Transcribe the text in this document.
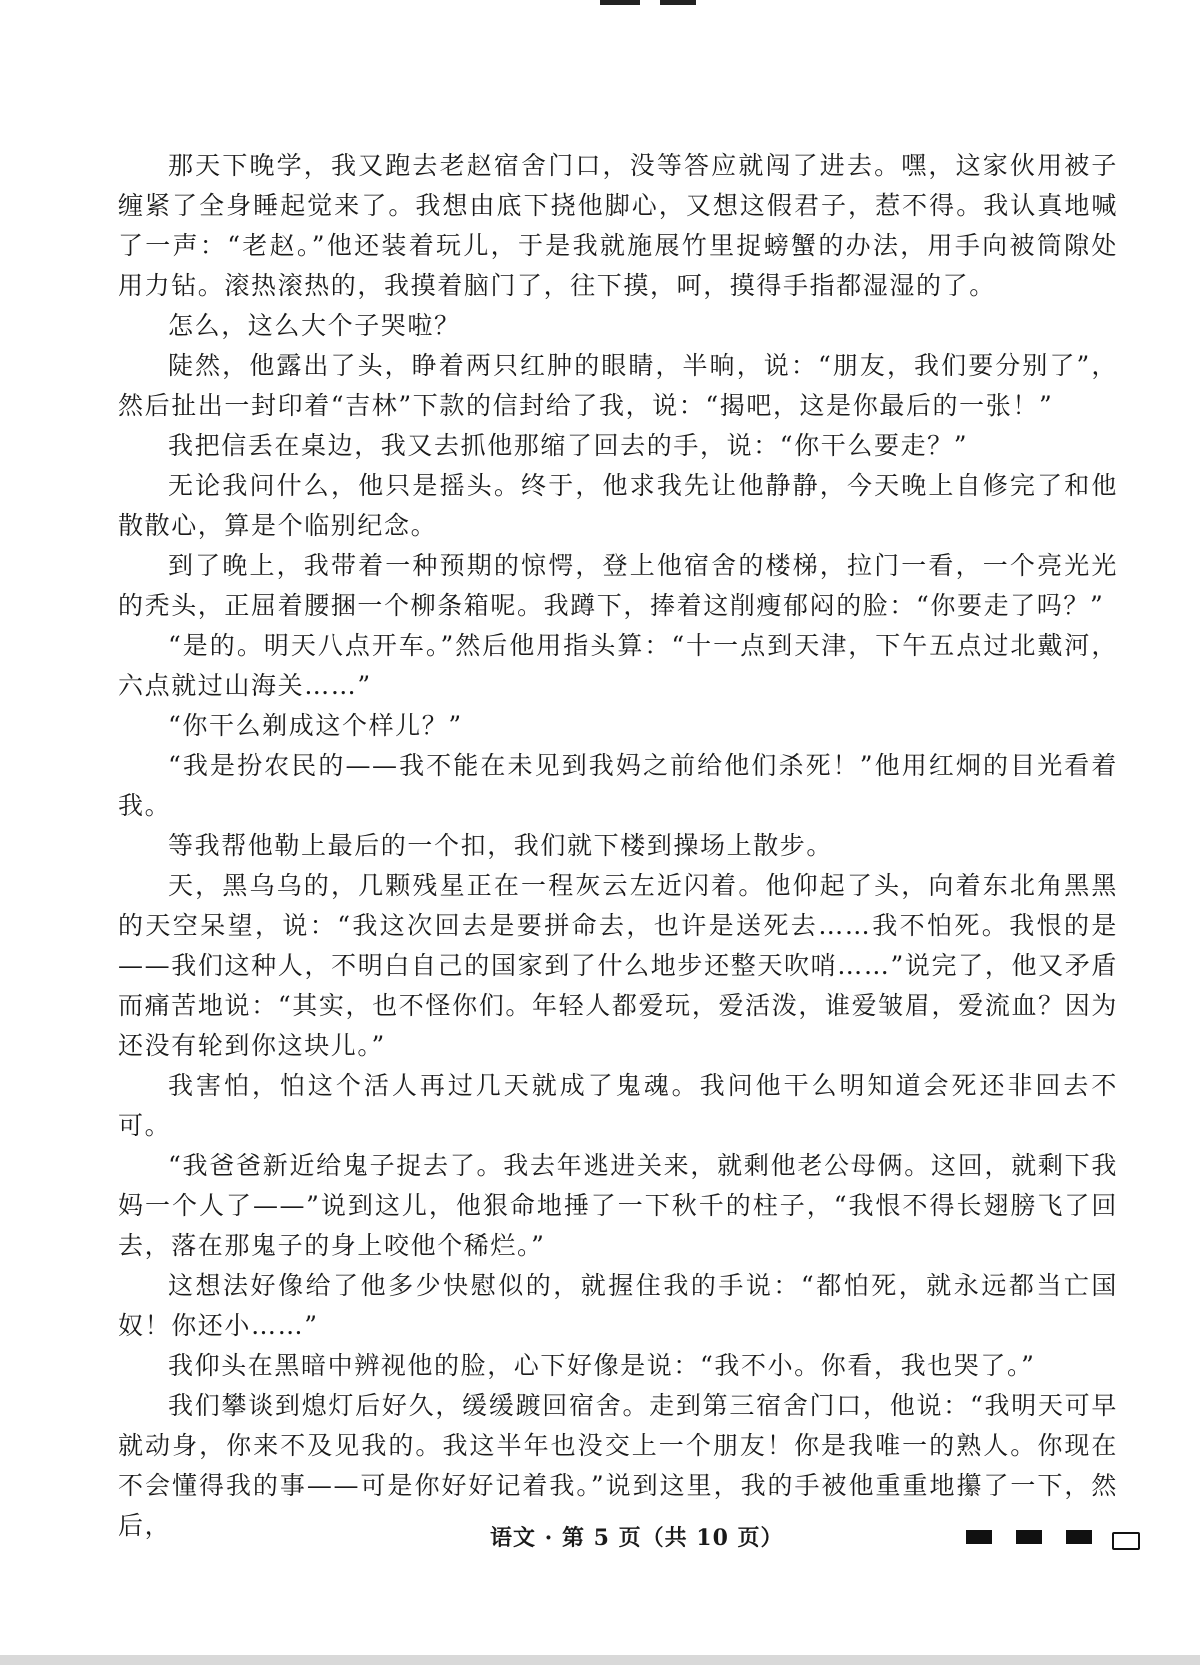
那天下晚学，我又跑去老赵宿舍门口，没等答应就闯了进去。嘿，这家伙用被子缠紧了全身睡起觉来了。我想由底下挠他脚心，又想这假君子，惹不得。我认真地喊了一声：“老赵。”他还装着玩儿，于是我就施展竹里捉螃蟹的办法，用手向被筒隙处用力钻。滚热滚热的，我摸着脑门了，往下摸，呵，摸得手指都湿湿的了。

怎么，这么大个子哭啦？

陡然，他露出了头，睁着两只红肿的眼睛，半晌，说：“朋友，我们要分别了”，然后扯出一封印着“吉林”下款的信封给了我，说：“揭吧，这是你最后的一张！”

我把信丢在桌边，我又去抓他那缩了回去的手，说：“你干么要走？”

无论我问什么，他只是摇头。终于，他求我先让他静静，今天晚上自修完了和他散散心，算是个临别纪念。

到了晚上，我带着一种预期的惊愕，登上他宿舍的楼梯，拉门一看，一个亮光光的秃头，正屈着腰捆一个柳条箱呢。我蹲下，捧着这削瘦郁闷的脸：“你要走了吗？”

“是的。明天八点开车。”然后他用指头算：“十一点到天津，下午五点过北戴河，六点就过山海关……”

“你干么剃成这个样儿？”

“我是扮农民的——我不能在未见到我妈之前给他们杀死！”他用红炯的目光看着我。

等我帮他勒上最后的一个扣，我们就下楼到操场上散步。

天，黑乌乌的，几颗残星正在一程灰云左近闪着。他仰起了头，向着东北角黑黑的天空呆望，说：“我这次回去是要拼命去，也许是送死去……我不怕死。我恨的是——我们这种人，不明白自己的国家到了什么地步还整天吹哨……”说完了，他又矛盾而痛苦地说：“其实，也不怪你们。年轻人都爱玩，爱活泼，谁爱皱眉，爱流血？因为还没有轮到你这块儿。”

我害怕，怕这个活人再过几天就成了鬼魂。我问他干么明知道会死还非回去不可。

“我爸爸新近给鬼子捉去了。我去年逃进关来，就剩他老公母俩。这回，就剩下我妈一个人了——”说到这儿，他狠命地捶了一下秋千的柱子，“我恨不得长翅膀飞了回去，落在那鬼子的身上咬他个稀烂。”

这想法好像给了他多少快慰似的，就握住我的手说：“都怕死，就永远都当亡国奴！你还小……”

我仰头在黑暗中辨视他的脸，心下好像是说：“我不小。你看，我也哭了。”

我们攀谈到熄灯后好久，缓缓踱回宿舍。走到第三宿舍门口，他说：“我明天可早就动身，你来不及见我的。我这半年也没交上一个朋友！你是我唯一的熟人。你现在不会懂得我的事——可是你好好记着我。”说到这里，我的手被他重重地攥了一下，然后，	语文 · 第 5 页（共 10 页）
